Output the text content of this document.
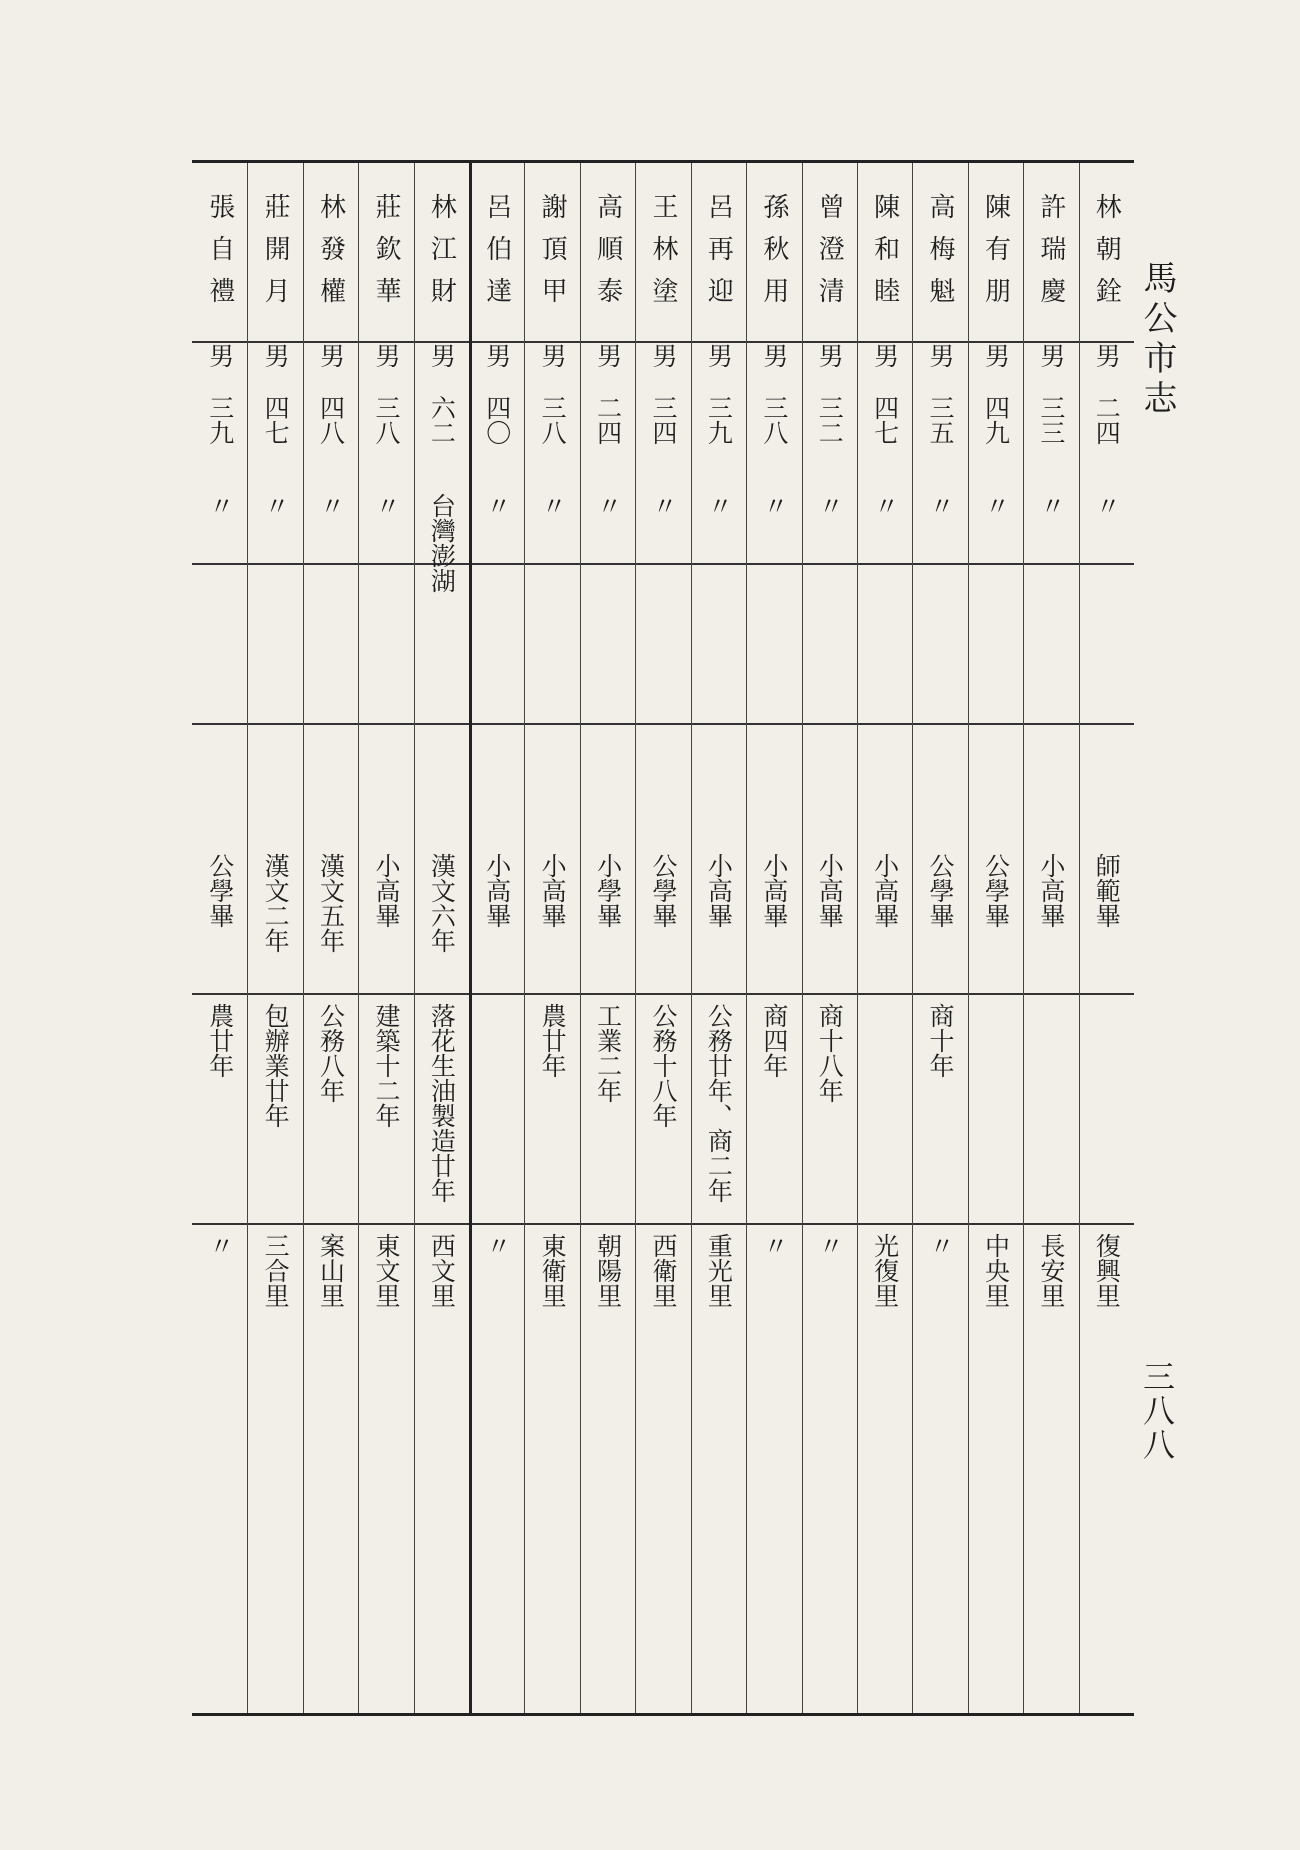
馬公市志
三八八
林朝銓
男
二四
〃
師範畢
復興里
許瑞慶
男
三三
〃
小高畢
長安里
陳有朋
男
四九
〃
公學畢
中央里
高梅魁
男
三五
〃
公學畢
商十年
〃
陳和睦
男
四七
〃
小高畢
光復里
曾澄清
男
三二
〃
小高畢
商十八年
〃
孫秋用
男
三八
〃
小高畢
商四年
〃
呂再迎
男
三九
〃
小高畢
公務廿年、商二年
重光里
王林塗
男
三四
〃
公學畢
公務十八年
西衛里
高順泰
男
二四
〃
小學畢
工業二年
朝陽里
謝頂甲
男
三八
〃
小高畢
農廿年
東衛里
呂伯達
男
四〇
〃
小高畢
〃
林江財
男
六二
台灣澎湖
漢文六年
落花生油製造廿年
西文里
莊欽華
男
三八
〃
小高畢
建築十二年
東文里
林發權
男
四八
〃
漢文五年
公務八年
案山里
莊開月
男
四七
〃
漢文二年
包辦業廿年
三合里
張自禮
男
三九
〃
公學畢
農廿年
〃
